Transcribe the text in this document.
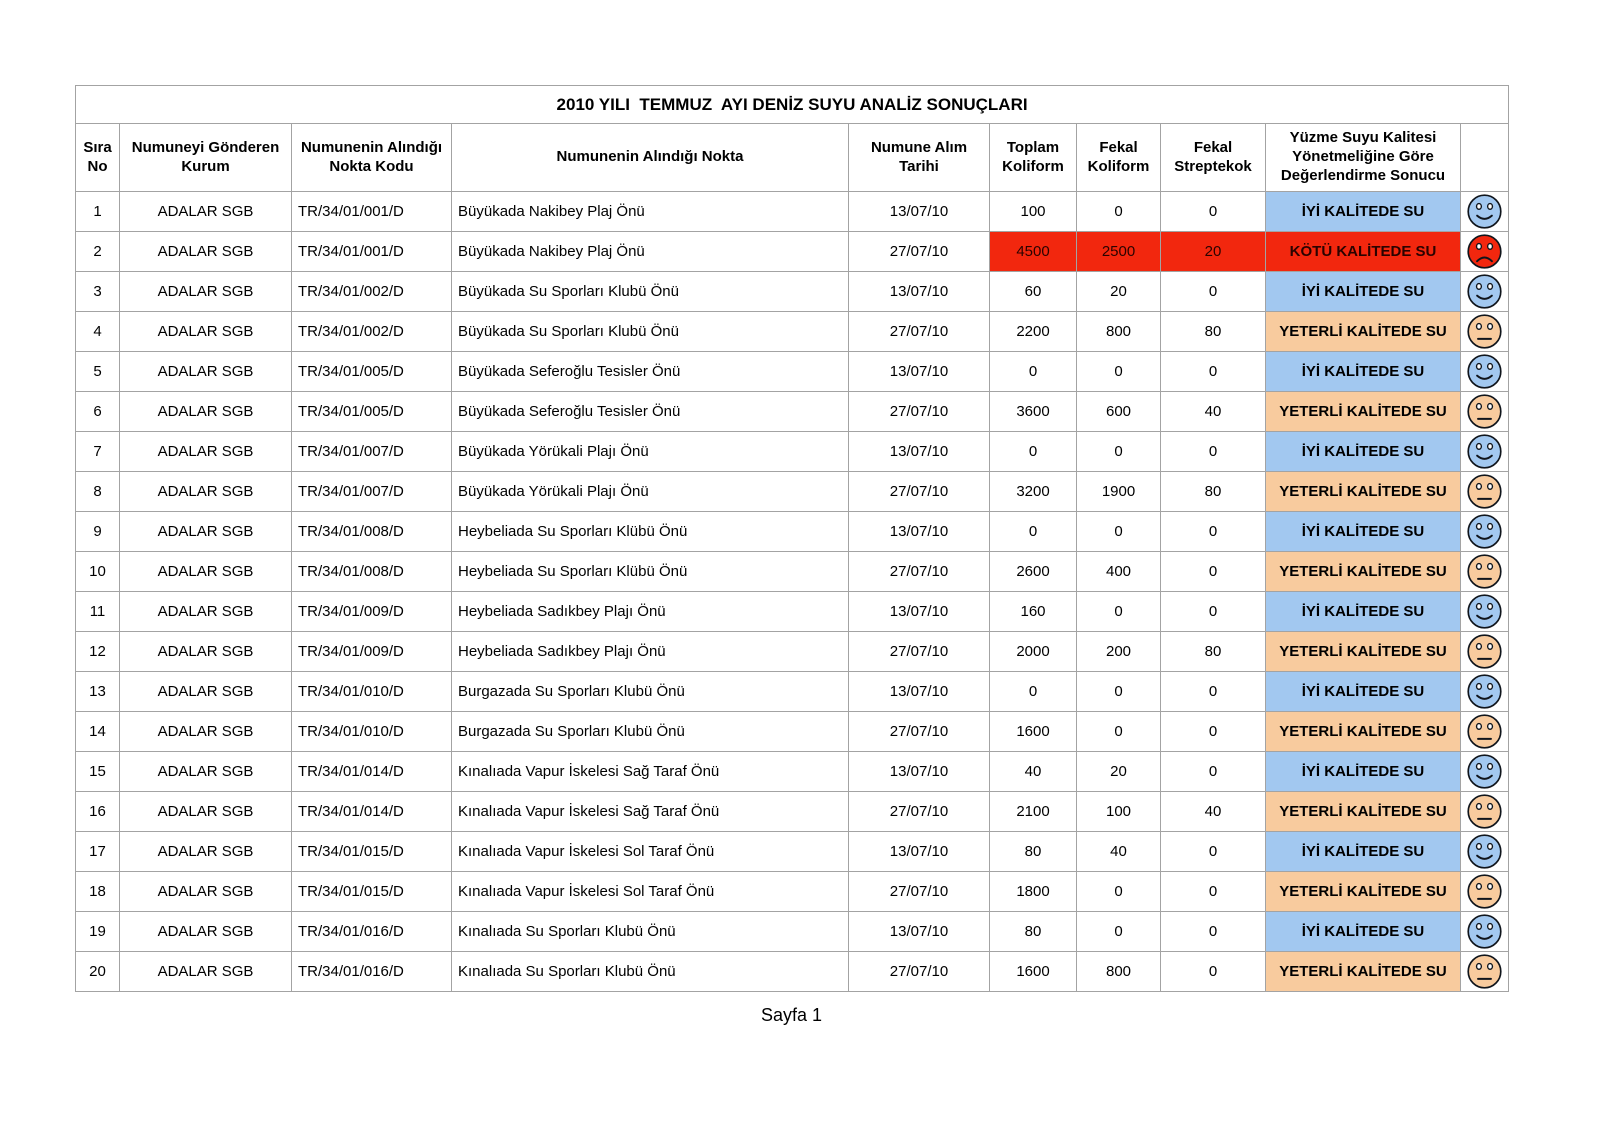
2010 YILI  TEMMUZ  AYI DENİZ SUYU ANALİZ SONUÇLARI									
Sıra No	Numuneyi Gönderen Kurum	Numunenin Alındığı Nokta Kodu	Numunenin Alındığı Nokta	Numune Alım Tarihi	Toplam Koliform	Fekal Koliform	Fekal Streptekok	Yüzme Suyu Kalitesi Yönetmeliğine Göre Değerlendirme Sonucu	
1	ADALAR SGB	TR/34/01/001/D	Büyükada Nakibey Plaj Önü	13/07/10	100	0	0	İYİ KALİTEDE SU	

2	ADALAR SGB	TR/34/01/001/D	Büyükada Nakibey Plaj Önü	27/07/10	4500	2500	20	KÖTÜ KALİTEDE SU	

3	ADALAR SGB	TR/34/01/002/D	Büyükada Su Sporları Klubü Önü	13/07/10	60	20	0	İYİ KALİTEDE SU	

4	ADALAR SGB	TR/34/01/002/D	Büyükada Su Sporları Klubü Önü	27/07/10	2200	800	80	YETERLİ KALİTEDE SU	

5	ADALAR SGB	TR/34/01/005/D	Büyükada Seferoğlu Tesisler Önü	13/07/10	0	0	0	İYİ KALİTEDE SU	

6	ADALAR SGB	TR/34/01/005/D	Büyükada Seferoğlu Tesisler Önü	27/07/10	3600	600	40	YETERLİ KALİTEDE SU	

7	ADALAR SGB	TR/34/01/007/D	Büyükada Yörükali Plajı Önü	13/07/10	0	0	0	İYİ KALİTEDE SU	

8	ADALAR SGB	TR/34/01/007/D	Büyükada Yörükali Plajı Önü	27/07/10	3200	1900	80	YETERLİ KALİTEDE SU	

9	ADALAR SGB	TR/34/01/008/D	Heybeliada Su Sporları Klübü Önü	13/07/10	0	0	0	İYİ KALİTEDE SU	

10	ADALAR SGB	TR/34/01/008/D	Heybeliada Su Sporları Klübü Önü	27/07/10	2600	400	0	YETERLİ KALİTEDE SU	

11	ADALAR SGB	TR/34/01/009/D	Heybeliada Sadıkbey Plajı Önü	13/07/10	160	0	0	İYİ KALİTEDE SU	

12	ADALAR SGB	TR/34/01/009/D	Heybeliada Sadıkbey Plajı Önü	27/07/10	2000	200	80	YETERLİ KALİTEDE SU	

13	ADALAR SGB	TR/34/01/010/D	Burgazada Su Sporları Klubü Önü	13/07/10	0	0	0	İYİ KALİTEDE SU	

14	ADALAR SGB	TR/34/01/010/D	Burgazada Su Sporları Klubü Önü	27/07/10	1600	0	0	YETERLİ KALİTEDE SU	

15	ADALAR SGB	TR/34/01/014/D	Kınalıada Vapur İskelesi Sağ Taraf Önü	13/07/10	40	20	0	İYİ KALİTEDE SU	

16	ADALAR SGB	TR/34/01/014/D	Kınalıada Vapur İskelesi Sağ Taraf Önü	27/07/10	2100	100	40	YETERLİ KALİTEDE SU	

17	ADALAR SGB	TR/34/01/015/D	Kınalıada Vapur İskelesi Sol Taraf Önü	13/07/10	80	40	0	İYİ KALİTEDE SU	

18	ADALAR SGB	TR/34/01/015/D	Kınalıada Vapur İskelesi Sol Taraf Önü	27/07/10	1800	0	0	YETERLİ KALİTEDE SU	

19	ADALAR SGB	TR/34/01/016/D	Kınalıada Su Sporları Klubü Önü	13/07/10	80	0	0	İYİ KALİTEDE SU	

20	ADALAR SGB	TR/34/01/016/D	Kınalıada Su Sporları Klubü Önü	27/07/10	1600	800	0	YETERLİ KALİTEDE SU	
Sayfa 1
